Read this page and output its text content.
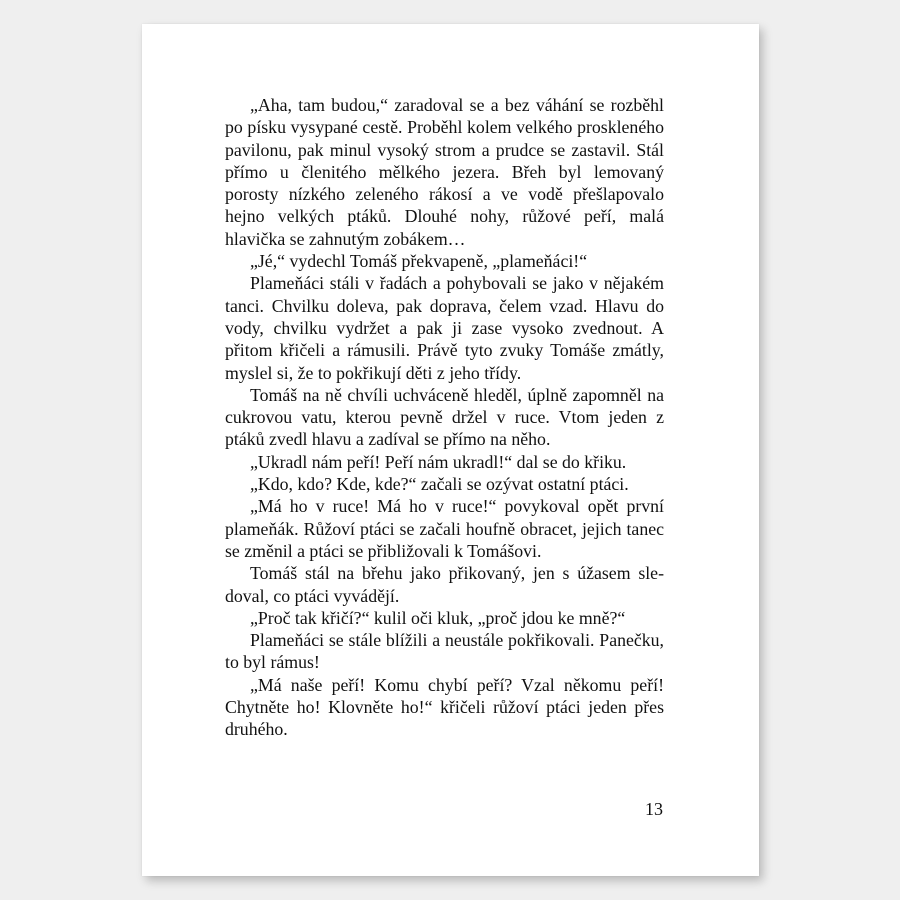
„Aha, tam budou,“ zaradoval se a bez váhání se rozběhl po písku vysypané cestě. Proběhl kolem velkého proskleného pavilonu, pak minul vysoký strom a prudce se zastavil. Stál přímo u členitého mělkého jezera. Břeh byl lemovaný porosty nízkého zeleného rákosí a ve vodě přešlapovalo hejno velkých ptáků. Dlouhé nohy, růžové peří, malá hlavička se zahnutým zobákem…

„Jé,“ vydechl Tomáš překvapeně, „plameňáci!“

Plameňáci stáli v řadách a pohybovali se jako v nějakém tanci. Chvilku doleva, pak doprava, čelem vzad. Hlavu do vody, chvilku vydržet a pak ji zase vysoko zvednout. A přitom křičeli a rámusili. Právě tyto zvuky Tomáše zmátly, myslel si, že to pokřikují děti z jeho třídy.

Tomáš na ně chvíli uchváceně hleděl, úplně zapomněl na cukrovou vatu, kterou pevně držel v ruce. Vtom jeden z ptáků zvedl hlavu a zadíval se přímo na něho.

„Ukradl nám peří! Peří nám ukradl!“ dal se do křiku.

„Kdo, kdo? Kde, kde?“ začali se ozývat ostatní ptáci.

„Má ho v ruce! Má ho v ruce!“ povykoval opět první plameňák. Růžoví ptáci se začali houfně obracet, jejich tanec se změnil a ptáci se přibližovali k Tomášovi.

Tomáš stál na břehu jako přikovaný, jen s úžasem sledoval, co ptáci vyvádějí.

„Proč tak křičí?“ kulil oči kluk, „proč jdou ke mně?“

Plameňáci se stále blížili a neustále pokřikovali. Panečku, to byl rámus!

„Má naše peří! Komu chybí peří? Vzal někomu peří! Chytněte ho! Klovněte ho!“ křičeli růžoví ptáci jeden přes druhého.

13
